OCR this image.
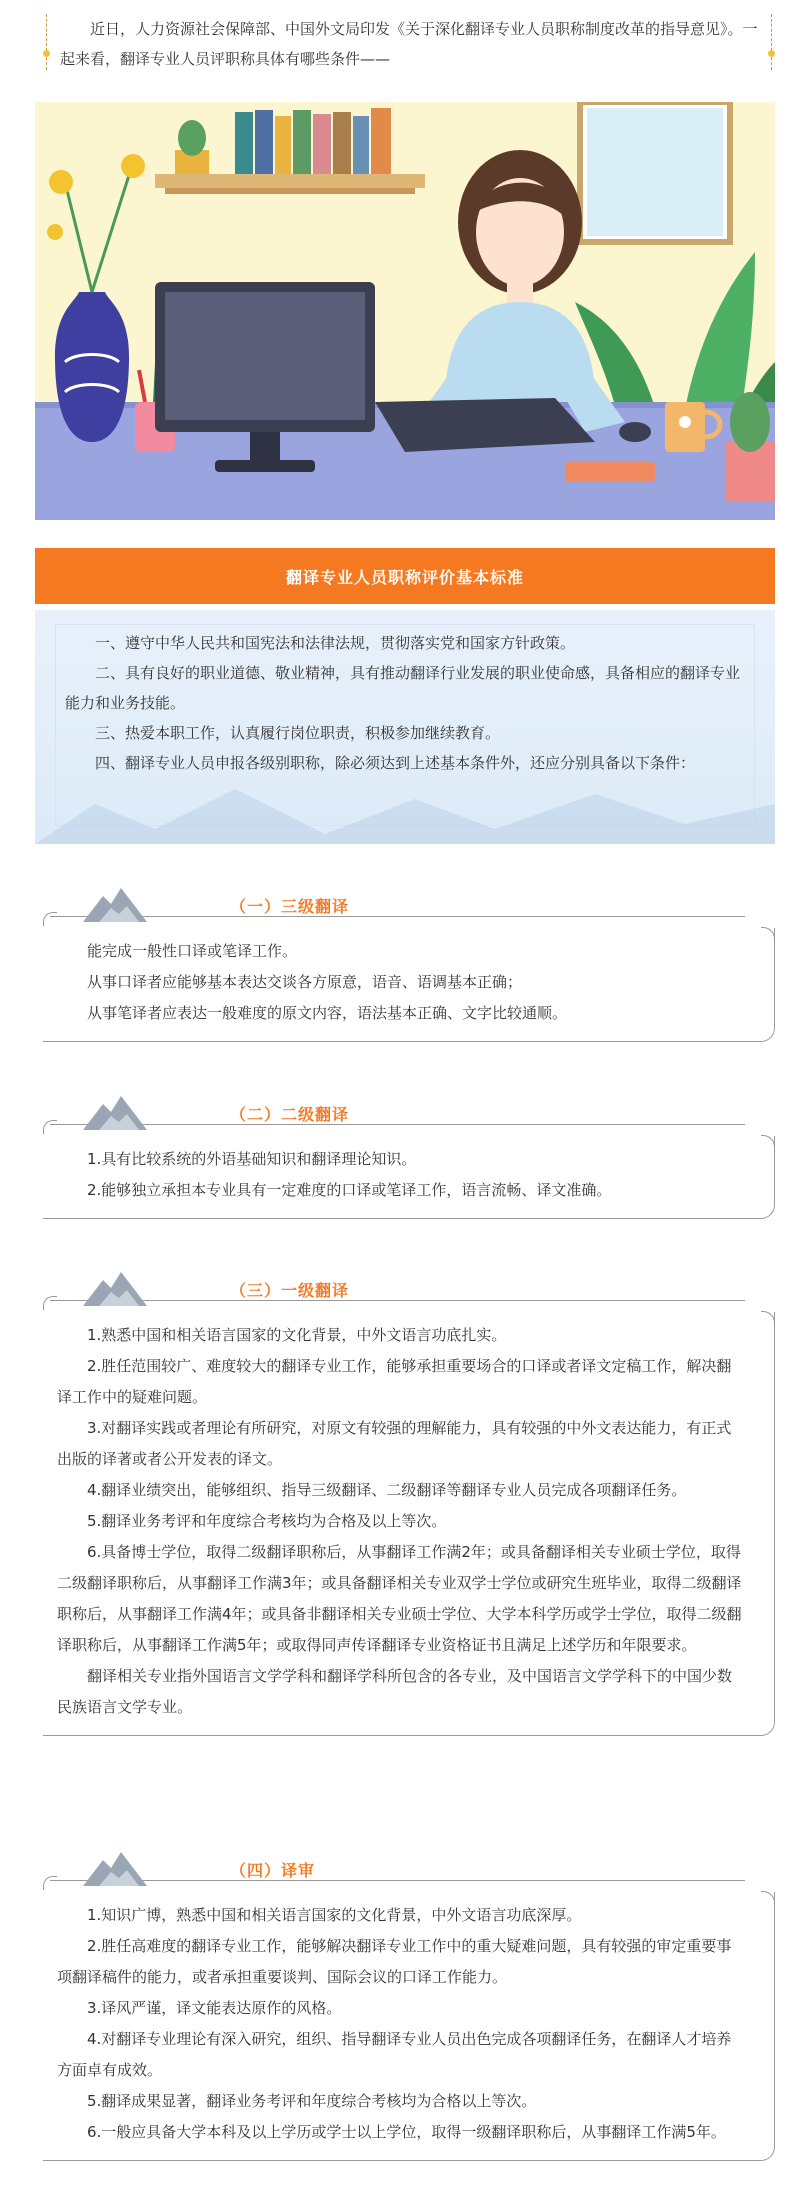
近日，人力资源社会保障部、中国外文局印发《关于深化翻译专业人员职称制度改革的指导意见》。一起来看，翻译专业人员评职称具体有哪些条件——

翻译专业人员职称评价基本标准

一、遵守中华人民共和国宪法和法律法规，贯彻落实党和国家方针政策。

二、具有良好的职业道德、敬业精神，具有推动翻译行业发展的职业使命感，具备相应的翻译专业能力和业务技能。

三、热爱本职工作，认真履行岗位职责，积极参加继续教育。

四、翻译专业人员申报各级别职称，除必须达到上述基本条件外，还应分别具备以下条件：

（一）三级翻译

能完成一般性口译或笔译工作。

从事口译者应能够基本表达交谈各方原意，语音、语调基本正确；

从事笔译者应表达一般难度的原文内容，语法基本正确、文字比较通顺。

（二）二级翻译

1.具有比较系统的外语基础知识和翻译理论知识。

2.能够独立承担本专业具有一定难度的口译或笔译工作，语言流畅、译文准确。

（三）一级翻译

1.熟悉中国和相关语言国家的文化背景，中外文语言功底扎实。

2.胜任范围较广、难度较大的翻译专业工作，能够承担重要场合的口译或者译文定稿工作，解决翻译工作中的疑难问题。

3.对翻译实践或者理论有所研究，对原文有较强的理解能力，具有较强的中外文表达能力，有正式出版的译著或者公开发表的译文。

4.翻译业绩突出，能够组织、指导三级翻译、二级翻译等翻译专业人员完成各项翻译任务。

5.翻译业务考评和年度综合考核均为合格及以上等次。

6.具备博士学位，取得二级翻译职称后，从事翻译工作满2年；或具备翻译相关专业硕士学位，取得二级翻译职称后，从事翻译工作满3年；或具备翻译相关专业双学士学位或研究生班毕业，取得二级翻译职称后，从事翻译工作满4年；或具备非翻译相关专业硕士学位、大学本科学历或学士学位，取得二级翻译职称后，从事翻译工作满5年；或取得同声传译翻译专业资格证书且满足上述学历和年限要求。

翻译相关专业指外国语言文学学科和翻译学科所包含的各专业，及中国语言文学学科下的中国少数民族语言文学专业。

（四）译审

1.知识广博，熟悉中国和相关语言国家的文化背景，中外文语言功底深厚。

2.胜任高难度的翻译专业工作，能够解决翻译专业工作中的重大疑难问题，具有较强的审定重要事项翻译稿件的能力，或者承担重要谈判、国际会议的口译工作能力。

3.译风严谨，译文能表达原作的风格。

4.对翻译专业理论有深入研究，组织、指导翻译专业人员出色完成各项翻译任务，在翻译人才培养方面卓有成效。

5.翻译成果显著，翻译业务考评和年度综合考核均为合格以上等次。

6.一般应具备大学本科及以上学历或学士以上学位，取得一级翻译职称后，从事翻译工作满5年。
